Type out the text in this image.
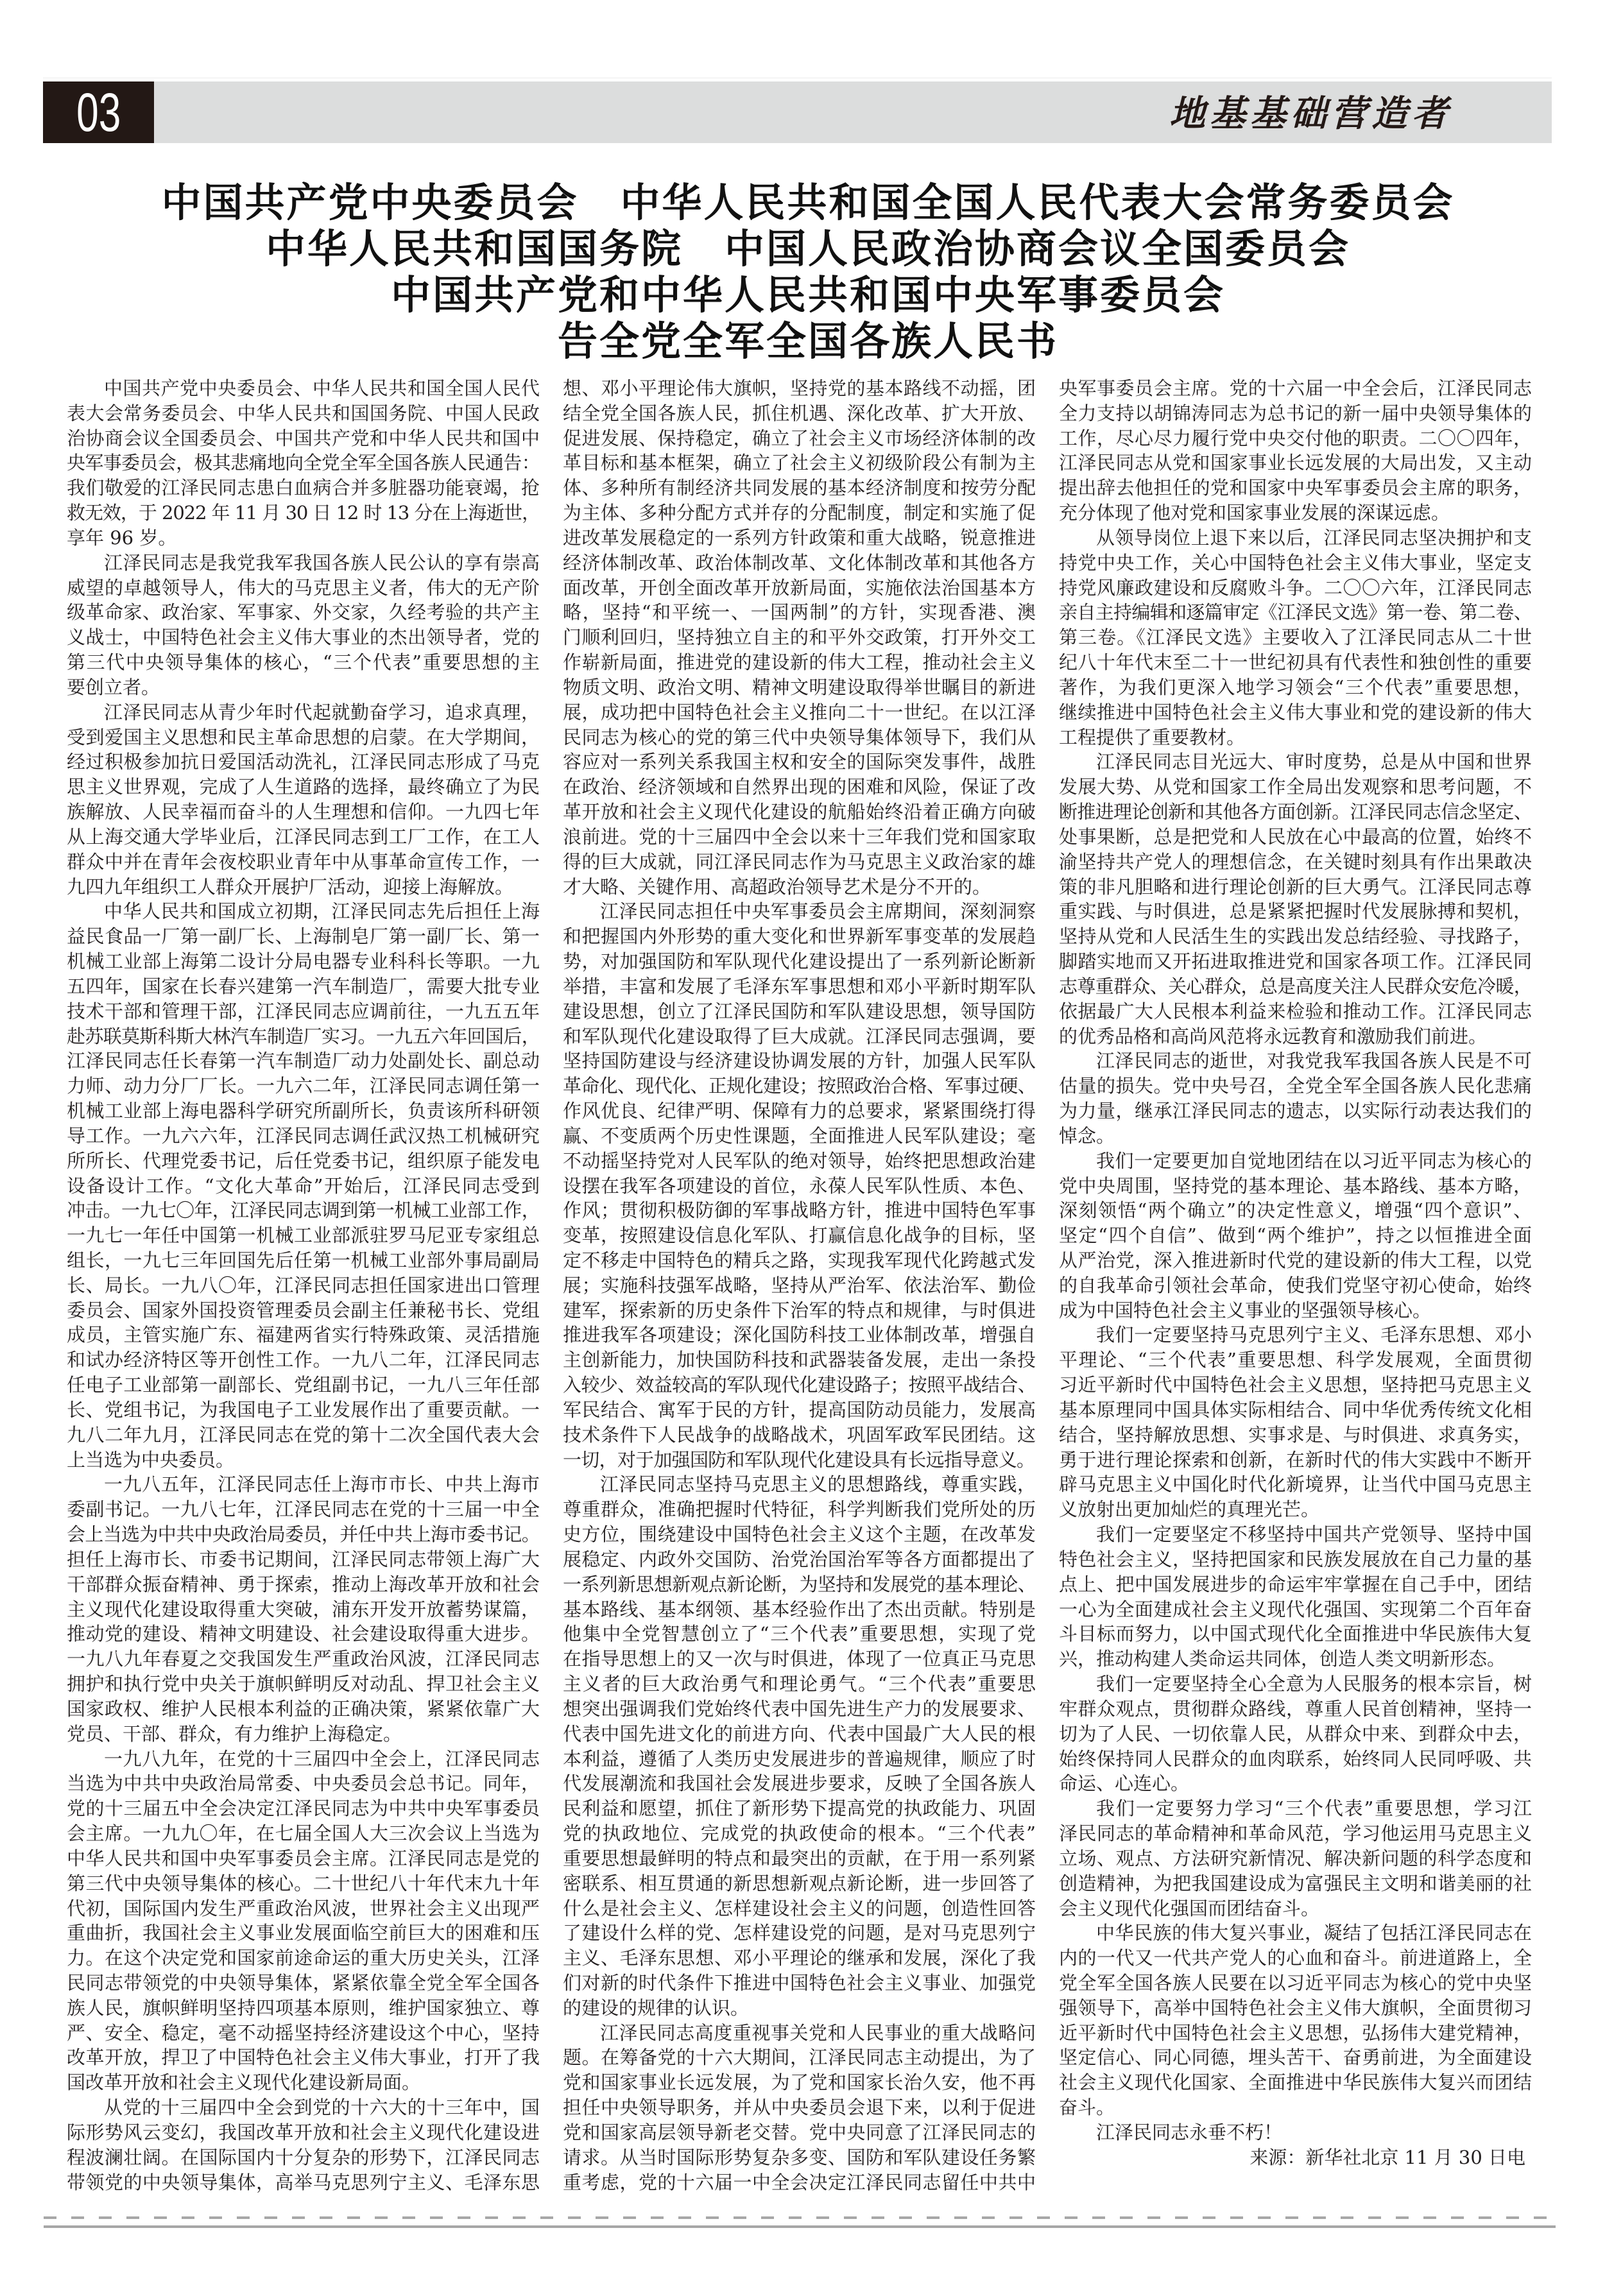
03	地基基础营造者
中国共产党中央委员会　中华人民共和国全国人民代表大会常务委员会
中华人民共和国国务院　中国人民政治协商会议全国委员会
中国共产党和中华人民共和国中央军事委员会
告全党全军全国各族人民书
中国共产党中央委员会、中华人民共和国全国人民代
表大会常务委员会、中华人民共和国国务院、中国人民政
治协商会议全国委员会、中国共产党和中华人民共和国中
央军事委员会，极其悲痛地向全党全军全国各族人民通告：
我们敬爱的江泽民同志患白血病合并多脏器功能衰竭，抢
救无效，于 2022 年 11 月 30 日 12 时 13 分在上海逝世，
享年 96 岁。
江泽民同志是我党我军我国各族人民公认的享有崇高
威望的卓越领导人，伟大的马克思主义者，伟大的无产阶
级革命家、政治家、军事家、外交家，久经考验的共产主
义战士，中国特色社会主义伟大事业的杰出领导者，党的
第三代中央领导集体的核心，“三个代表”重要思想的主
要创立者。
江泽民同志从青少年时代起就勤奋学习，追求真理，
受到爱国主义思想和民主革命思想的启蒙。在大学期间，
经过积极参加抗日爱国活动洗礼，江泽民同志形成了马克
思主义世界观，完成了人生道路的选择，最终确立了为民
族解放、人民幸福而奋斗的人生理想和信仰。一九四七年
从上海交通大学毕业后，江泽民同志到工厂工作，在工人
群众中并在青年会夜校职业青年中从事革命宣传工作，一
九四九年组织工人群众开展护厂活动，迎接上海解放。
中华人民共和国成立初期，江泽民同志先后担任上海
益民食品一厂第一副厂长、上海制皂厂第一副厂长、第一
机械工业部上海第二设计分局电器专业科科长等职。一九
五四年，国家在长春兴建第一汽车制造厂，需要大批专业
技术干部和管理干部，江泽民同志应调前往，一九五五年
赴苏联莫斯科斯大林汽车制造厂实习。一九五六年回国后，
江泽民同志任长春第一汽车制造厂动力处副处长、副总动
力师、动力分厂厂长。一九六二年，江泽民同志调任第一
机械工业部上海电器科学研究所副所长，负责该所科研领
导工作。一九六六年，江泽民同志调任武汉热工机械研究
所所长、代理党委书记，后任党委书记，组织原子能发电
设备设计工作。“文化大革命”开始后，江泽民同志受到
冲击。一九七〇年，江泽民同志调到第一机械工业部工作，
一九七一年任中国第一机械工业部派驻罗马尼亚专家组总
组长，一九七三年回国先后任第一机械工业部外事局副局
长、局长。一九八〇年，江泽民同志担任国家进出口管理
委员会、国家外国投资管理委员会副主任兼秘书长、党组
成员，主管实施广东、福建两省实行特殊政策、灵活措施
和试办经济特区等开创性工作。一九八二年，江泽民同志
任电子工业部第一副部长、党组副书记，一九八三年任部
长、党组书记，为我国电子工业发展作出了重要贡献。一
九八二年九月，江泽民同志在党的第十二次全国代表大会
上当选为中央委员。
一九八五年，江泽民同志任上海市市长、中共上海市
委副书记。一九八七年，江泽民同志在党的十三届一中全
会上当选为中共中央政治局委员，并任中共上海市委书记。
担任上海市长、市委书记期间，江泽民同志带领上海广大
干部群众振奋精神、勇于探索，推动上海改革开放和社会
主义现代化建设取得重大突破，浦东开发开放蓄势谋篇，
推动党的建设、精神文明建设、社会建设取得重大进步。
一九八九年春夏之交我国发生严重政治风波，江泽民同志
拥护和执行党中央关于旗帜鲜明反对动乱、捍卫社会主义
国家政权、维护人民根本利益的正确决策，紧紧依靠广大
党员、干部、群众，有力维护上海稳定。
一九八九年，在党的十三届四中全会上，江泽民同志
当选为中共中央政治局常委、中央委员会总书记。同年，
党的十三届五中全会决定江泽民同志为中共中央军事委员
会主席。一九九〇年，在七届全国人大三次会议上当选为
中华人民共和国中央军事委员会主席。江泽民同志是党的
第三代中央领导集体的核心。二十世纪八十年代末九十年
代初，国际国内发生严重政治风波，世界社会主义出现严
重曲折，我国社会主义事业发展面临空前巨大的困难和压
力。在这个决定党和国家前途命运的重大历史关头，江泽
民同志带领党的中央领导集体，紧紧依靠全党全军全国各
族人民，旗帜鲜明坚持四项基本原则，维护国家独立、尊
严、安全、稳定，毫不动摇坚持经济建设这个中心，坚持
改革开放，捍卫了中国特色社会主义伟大事业，打开了我
国改革开放和社会主义现代化建设新局面。
从党的十三届四中全会到党的十六大的十三年中，国
际形势风云变幻，我国改革开放和社会主义现代化建设进
程波澜壮阔。在国际国内十分复杂的形势下，江泽民同志
带领党的中央领导集体，高举马克思列宁主义、毛泽东思
想、邓小平理论伟大旗帜，坚持党的基本路线不动摇，团
结全党全国各族人民，抓住机遇、深化改革、扩大开放、
促进发展、保持稳定，确立了社会主义市场经济体制的改
革目标和基本框架，确立了社会主义初级阶段公有制为主
体、多种所有制经济共同发展的基本经济制度和按劳分配
为主体、多种分配方式并存的分配制度，制定和实施了促
进改革发展稳定的一系列方针政策和重大战略，锐意推进
经济体制改革、政治体制改革、文化体制改革和其他各方
面改革，开创全面改革开放新局面，实施依法治国基本方
略，坚持“和平统一、一国两制”的方针，实现香港、澳
门顺利回归，坚持独立自主的和平外交政策，打开外交工
作崭新局面，推进党的建设新的伟大工程，推动社会主义
物质文明、政治文明、精神文明建设取得举世瞩目的新进
展，成功把中国特色社会主义推向二十一世纪。在以江泽
民同志为核心的党的第三代中央领导集体领导下，我们从
容应对一系列关系我国主权和安全的国际突发事件，战胜
在政治、经济领域和自然界出现的困难和风险，保证了改
革开放和社会主义现代化建设的航船始终沿着正确方向破
浪前进。党的十三届四中全会以来十三年我们党和国家取
得的巨大成就，同江泽民同志作为马克思主义政治家的雄
才大略、关键作用、高超政治领导艺术是分不开的。
江泽民同志担任中央军事委员会主席期间，深刻洞察
和把握国内外形势的重大变化和世界新军事变革的发展趋
势，对加强国防和军队现代化建设提出了一系列新论断新
举措，丰富和发展了毛泽东军事思想和邓小平新时期军队
建设思想，创立了江泽民国防和军队建设思想，领导国防
和军队现代化建设取得了巨大成就。江泽民同志强调，要
坚持国防建设与经济建设协调发展的方针，加强人民军队
革命化、现代化、正规化建设；按照政治合格、军事过硬、
作风优良、纪律严明、保障有力的总要求，紧紧围绕打得
赢、不变质两个历史性课题，全面推进人民军队建设；毫
不动摇坚持党对人民军队的绝对领导，始终把思想政治建
设摆在我军各项建设的首位，永葆人民军队性质、本色、
作风；贯彻积极防御的军事战略方针，推进中国特色军事
变革，按照建设信息化军队、打赢信息化战争的目标，坚
定不移走中国特色的精兵之路，实现我军现代化跨越式发
展；实施科技强军战略，坚持从严治军、依法治军、勤俭
建军，探索新的历史条件下治军的特点和规律，与时俱进
推进我军各项建设；深化国防科技工业体制改革，增强自
主创新能力，加快国防科技和武器装备发展，走出一条投
入较少、效益较高的军队现代化建设路子；按照平战结合、
军民结合、寓军于民的方针，提高国防动员能力，发展高
技术条件下人民战争的战略战术，巩固军政军民团结。这
一切，对于加强国防和军队现代化建设具有长远指导意义。
江泽民同志坚持马克思主义的思想路线，尊重实践，
尊重群众，准确把握时代特征，科学判断我们党所处的历
史方位，围绕建设中国特色社会主义这个主题，在改革发
展稳定、内政外交国防、治党治国治军等各方面都提出了
一系列新思想新观点新论断，为坚持和发展党的基本理论、
基本路线、基本纲领、基本经验作出了杰出贡献。特别是
他集中全党智慧创立了“三个代表”重要思想，实现了党
在指导思想上的又一次与时俱进，体现了一位真正马克思
主义者的巨大政治勇气和理论勇气。“三个代表”重要思
想突出强调我们党始终代表中国先进生产力的发展要求、
代表中国先进文化的前进方向、代表中国最广大人民的根
本利益，遵循了人类历史发展进步的普遍规律，顺应了时
代发展潮流和我国社会发展进步要求，反映了全国各族人
民利益和愿望，抓住了新形势下提高党的执政能力、巩固
党的执政地位、完成党的执政使命的根本。“三个代表”
重要思想最鲜明的特点和最突出的贡献，在于用一系列紧
密联系、相互贯通的新思想新观点新论断，进一步回答了
什么是社会主义、怎样建设社会主义的问题，创造性回答
了建设什么样的党、怎样建设党的问题，是对马克思列宁
主义、毛泽东思想、邓小平理论的继承和发展，深化了我
们对新的时代条件下推进中国特色社会主义事业、加强党
的建设的规律的认识。
江泽民同志高度重视事关党和人民事业的重大战略问
题。在筹备党的十六大期间，江泽民同志主动提出，为了
党和国家事业长远发展，为了党和国家长治久安，他不再
担任中央领导职务，并从中央委员会退下来，以利于促进
党和国家高层领导新老交替。党中央同意了江泽民同志的
请求。从当时国际形势复杂多变、国防和军队建设任务繁
重考虑，党的十六届一中全会决定江泽民同志留任中共中
央军事委员会主席。党的十六届一中全会后，江泽民同志
全力支持以胡锦涛同志为总书记的新一届中央领导集体的
工作，尽心尽力履行党中央交付他的职责。二〇〇四年，
江泽民同志从党和国家事业长远发展的大局出发，又主动
提出辞去他担任的党和国家中央军事委员会主席的职务，
充分体现了他对党和国家事业发展的深谋远虑。
从领导岗位上退下来以后，江泽民同志坚决拥护和支
持党中央工作，关心中国特色社会主义伟大事业，坚定支
持党风廉政建设和反腐败斗争。二〇〇六年，江泽民同志
亲自主持编辑和逐篇审定《江泽民文选》第一卷、第二卷、
第三卷。《江泽民文选》主要收入了江泽民同志从二十世
纪八十年代末至二十一世纪初具有代表性和独创性的重要
著作，为我们更深入地学习领会“三个代表”重要思想，
继续推进中国特色社会主义伟大事业和党的建设新的伟大
工程提供了重要教材。
江泽民同志目光远大、审时度势，总是从中国和世界
发展大势、从党和国家工作全局出发观察和思考问题，不
断推进理论创新和其他各方面创新。江泽民同志信念坚定、
处事果断，总是把党和人民放在心中最高的位置，始终不
渝坚持共产党人的理想信念，在关键时刻具有作出果敢决
策的非凡胆略和进行理论创新的巨大勇气。江泽民同志尊
重实践、与时俱进，总是紧紧把握时代发展脉搏和契机，
坚持从党和人民活生生的实践出发总结经验、寻找路子，
脚踏实地而又开拓进取推进党和国家各项工作。江泽民同
志尊重群众、关心群众，总是高度关注人民群众安危冷暖，
依据最广大人民根本利益来检验和推动工作。江泽民同志
的优秀品格和高尚风范将永远教育和激励我们前进。
江泽民同志的逝世，对我党我军我国各族人民是不可
估量的损失。党中央号召，全党全军全国各族人民化悲痛
为力量，继承江泽民同志的遗志，以实际行动表达我们的
悼念。
我们一定要更加自觉地团结在以习近平同志为核心的
党中央周围，坚持党的基本理论、基本路线、基本方略，
深刻领悟“两个确立”的决定性意义，增强“四个意识”、
坚定“四个自信”、做到“两个维护”，持之以恒推进全面
从严治党，深入推进新时代党的建设新的伟大工程，以党
的自我革命引领社会革命，使我们党坚守初心使命，始终
成为中国特色社会主义事业的坚强领导核心。
我们一定要坚持马克思列宁主义、毛泽东思想、邓小
平理论、“三个代表”重要思想、科学发展观，全面贯彻
习近平新时代中国特色社会主义思想，坚持把马克思主义
基本原理同中国具体实际相结合、同中华优秀传统文化相
结合，坚持解放思想、实事求是、与时俱进、求真务实，
勇于进行理论探索和创新，在新时代的伟大实践中不断开
辟马克思主义中国化时代化新境界，让当代中国马克思主
义放射出更加灿烂的真理光芒。
我们一定要坚定不移坚持中国共产党领导、坚持中国
特色社会主义，坚持把国家和民族发展放在自己力量的基
点上、把中国发展进步的命运牢牢掌握在自己手中，团结
一心为全面建成社会主义现代化强国、实现第二个百年奋
斗目标而努力，以中国式现代化全面推进中华民族伟大复
兴，推动构建人类命运共同体，创造人类文明新形态。
我们一定要坚持全心全意为人民服务的根本宗旨，树
牢群众观点，贯彻群众路线，尊重人民首创精神，坚持一
切为了人民、一切依靠人民，从群众中来、到群众中去，
始终保持同人民群众的血肉联系，始终同人民同呼吸、共
命运、心连心。
我们一定要努力学习“三个代表”重要思想，学习江
泽民同志的革命精神和革命风范，学习他运用马克思主义
立场、观点、方法研究新情况、解决新问题的科学态度和
创造精神，为把我国建设成为富强民主文明和谐美丽的社
会主义现代化强国而团结奋斗。
中华民族的伟大复兴事业，凝结了包括江泽民同志在
内的一代又一代共产党人的心血和奋斗。前进道路上，全
党全军全国各族人民要在以习近平同志为核心的党中央坚
强领导下，高举中国特色社会主义伟大旗帜，全面贯彻习
近平新时代中国特色社会主义思想，弘扬伟大建党精神，
坚定信心、同心同德，埋头苦干、奋勇前进，为全面建设
社会主义现代化国家、全面推进中华民族伟大复兴而团结
奋斗。
江泽民同志永垂不朽！
来源：新华社北京 11 月 30 日电
